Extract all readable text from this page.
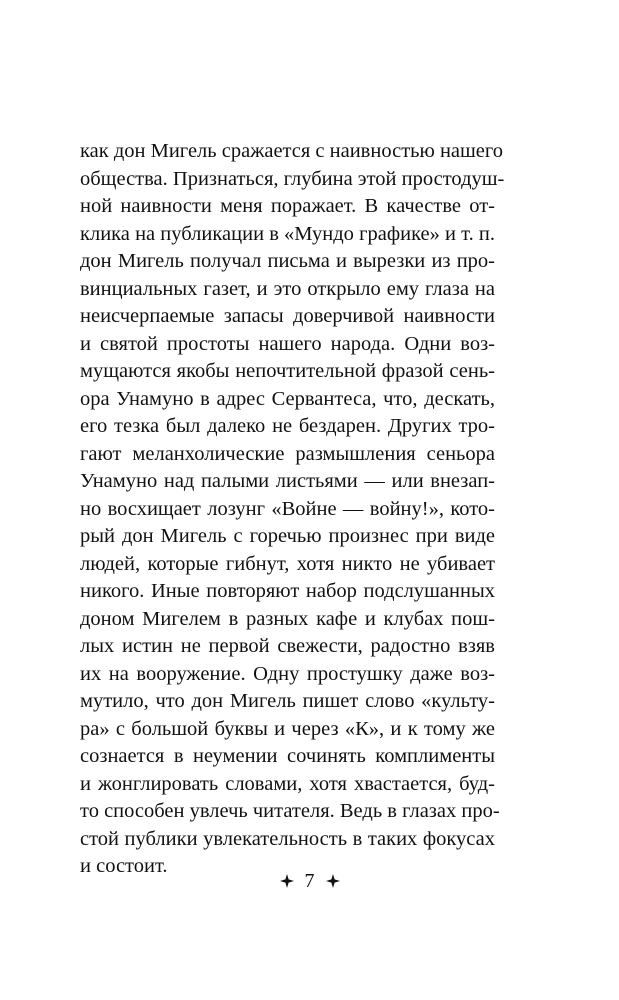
как дон Мигель сражается с наивностью нашего
общества. Признаться, глубина этой простодуш-
ной наивности меня поражает. В качестве от-
клика на публикации в «Мундо графике» и т. п.
дон Мигель получал письма и вырезки из про-
винциальных газет, и это открыло ему глаза на
неисчерпаемые запасы доверчивой наивности
и святой простоты нашего народа. Одни воз-
мущаются якобы непочтительной фразой сень-
ора Унамуно в адрес Сервантеса, что, дескать,
его тезка был далеко не бездарен. Других тро-
гают меланхолические размышления сеньора
Унамуно над палыми листьями — или внезап-
но восхищает лозунг «Войне — войну!», кото-
рый дон Мигель с горечью произнес при виде
людей, которые гибнут, хотя никто не убивает
никого. Иные повторяют набор подслушанных
доном Мигелем в разных кафе и клубах пош-
лых истин не первой свежести, радостно взяв
их на вооружение. Одну простушку даже воз-
мутило, что дон Мигель пишет слово «культу-
ра» с большой буквы и через «К», и к тому же
сознается в неумении сочинять комплименты
и жонглировать словами, хотя хвастается, буд-
то способен увлечь читателя. Ведь в глазах про-
стой публики увлекательность в таких фокусах
и состоит.
7
